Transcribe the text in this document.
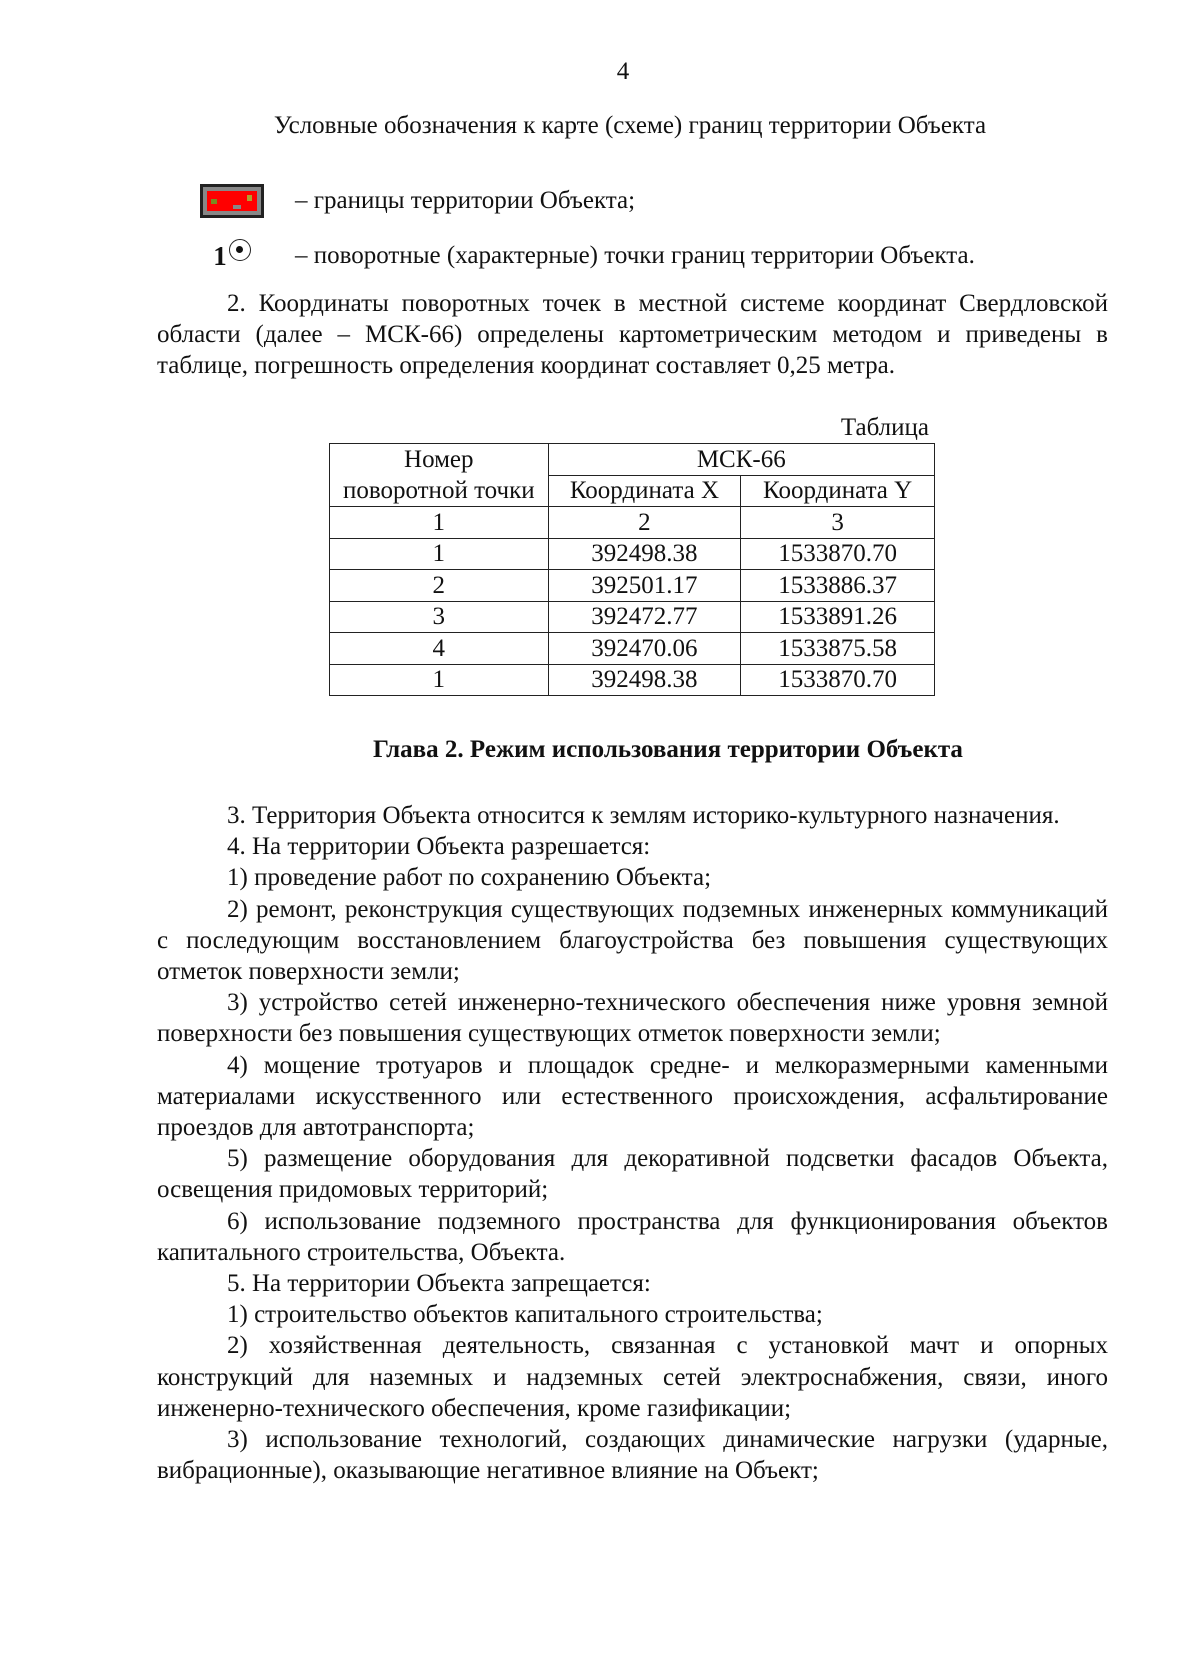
4
Условные обозначения к карте (схеме) границ территории Объекта
– границы территории Объекта;
1	– поворотные (характерные) точки границ территории Объекта.

2. Координаты поворотных точек в местной системе координат Свердловской области (далее – МСК-66) определены картометрическим методом и приведены в таблице, погрешность определения координат составляет 0,25 метра.

Таблица
Номер	МСК-66	
поворотной точки	Координата X	Координата Y
1	2	3
1	392498.38	1533870.70
2	392501.17	1533886.37
3	392472.77	1533891.26
4	392470.06	1533875.58
1	392498.38	1533870.70
Глава 2. Режим использования территории Объекта

3. Территория Объекта относится к землям историко-культурного назначения.

4. На территории Объекта разрешается:

1) проведение работ по сохранению Объекта;

2) ремонт, реконструкция существующих подземных инженерных коммуникаций с последующим восстановлением благоустройства без повышения существующих отметок поверхности земли;

3) устройство сетей инженерно-технического обеспечения ниже уровня земной поверхности без повышения существующих отметок поверхности земли;

4) мощение тротуаров и площадок средне- и мелкоразмерными каменными материалами искусственного или естественного происхождения, асфальтирование проездов для автотранспорта;

5) размещение оборудования для декоративной подсветки фасадов Объекта, освещения придомовых территорий;

6) использование подземного пространства для функционирования объектов капитального строительства, Объекта.

5. На территории Объекта запрещается:

1) строительство объектов капитального строительства;

2) хозяйственная деятельность, связанная с установкой мачт и опорных конструкций для наземных и надземных сетей электроснабжения, связи, иного инженерно-технического обеспечения, кроме газификации;

3) использование технологий, создающих динамические нагрузки (ударные, вибрационные), оказывающие негативное влияние на Объект;
